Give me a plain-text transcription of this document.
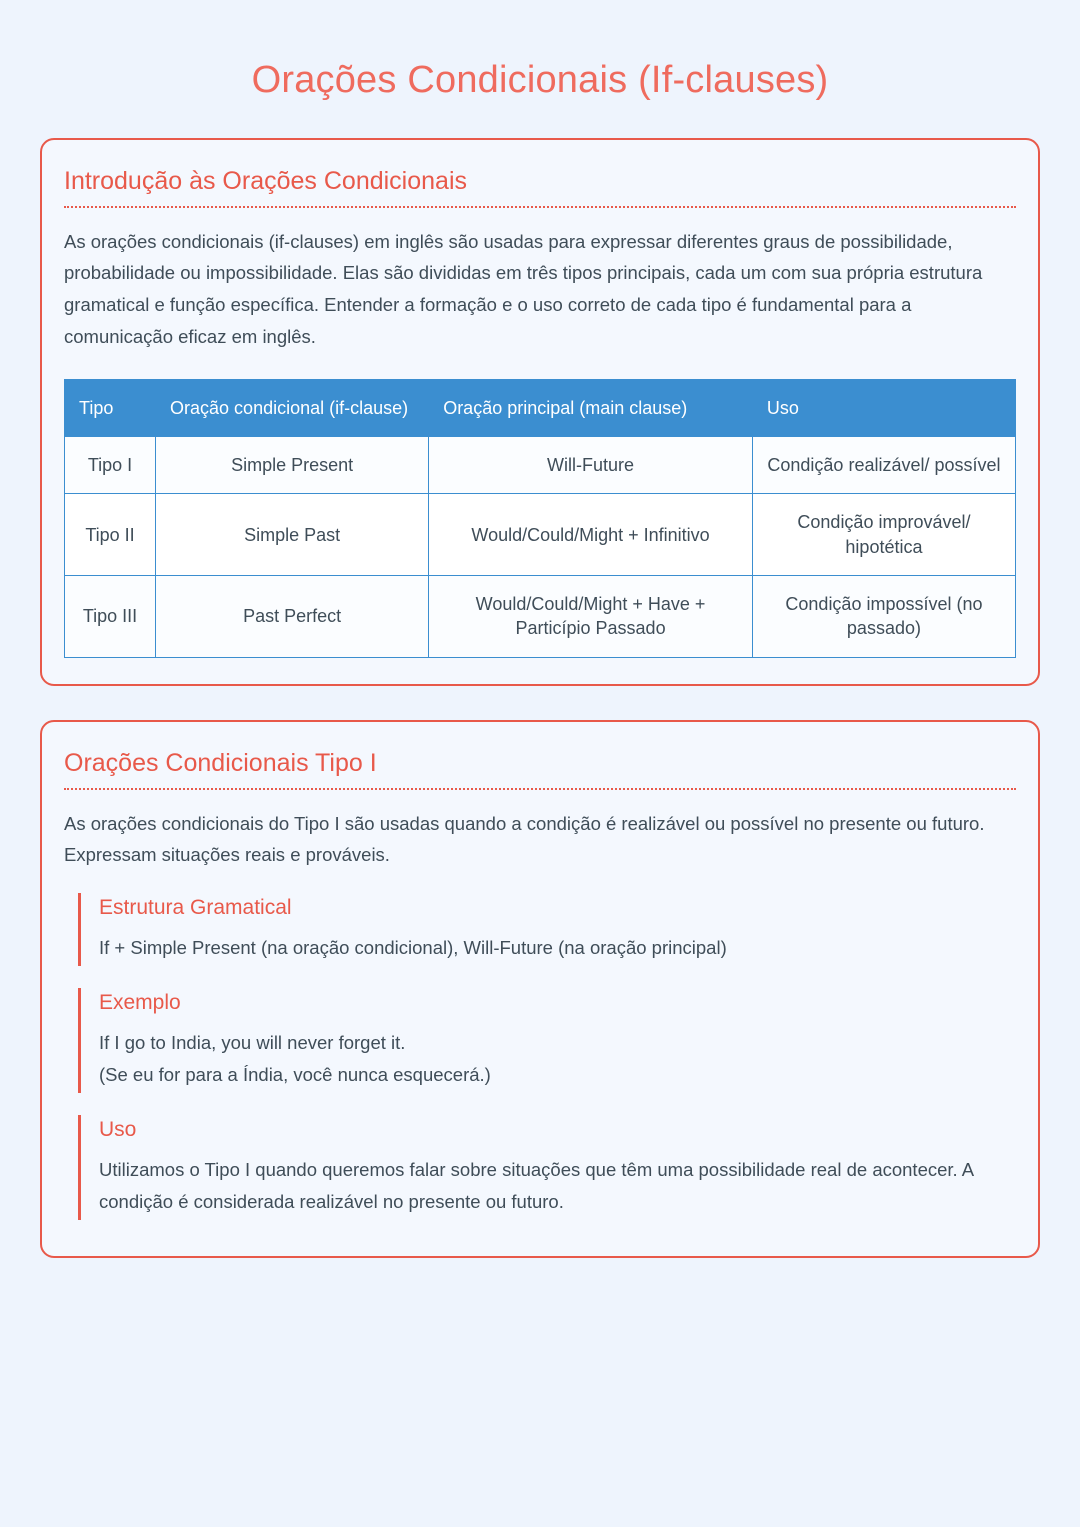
Orações Condicionais (If-clauses)
Introdução às Orações Condicionais

As orações condicionais (if-clauses) em inglês são usadas para expressar diferentes graus de possibilidade, probabilidade ou impossibilidade. Elas são divididas em três tipos principais, cada um com sua própria estrutura gramatical e função específica. Entender a formação e o uso correto de cada tipo é fundamental para a comunicação eficaz em inglês.

Tipo	Oração condicional (if-clause)	Oração principal (main clause)	Uso
Tipo I	Simple Present	Will-Future	Condição realizável/ possível
Tipo II	Simple Past	Would/Could/Might + Infinitivo	Condição improvável/ hipotética
Tipo III	Past Perfect	Would/Could/Might + Have + Particípio Passado	Condição impossível (no passado)
Orações Condicionais Tipo I

As orações condicionais do Tipo I são usadas quando a condição é realizável ou possível no presente ou futuro. Expressam situações reais e prováveis.

Estrutura Gramatical

If + Simple Present (na oração condicional), Will-Future (na oração principal)

Exemplo

If I go to India, you will never forget it.
(Se eu for para a Índia, você nunca esquecerá.)

Uso

Utilizamos o Tipo I quando queremos falar sobre situações que têm uma possibilidade real de acontecer. A condição é considerada realizável no presente ou futuro.
